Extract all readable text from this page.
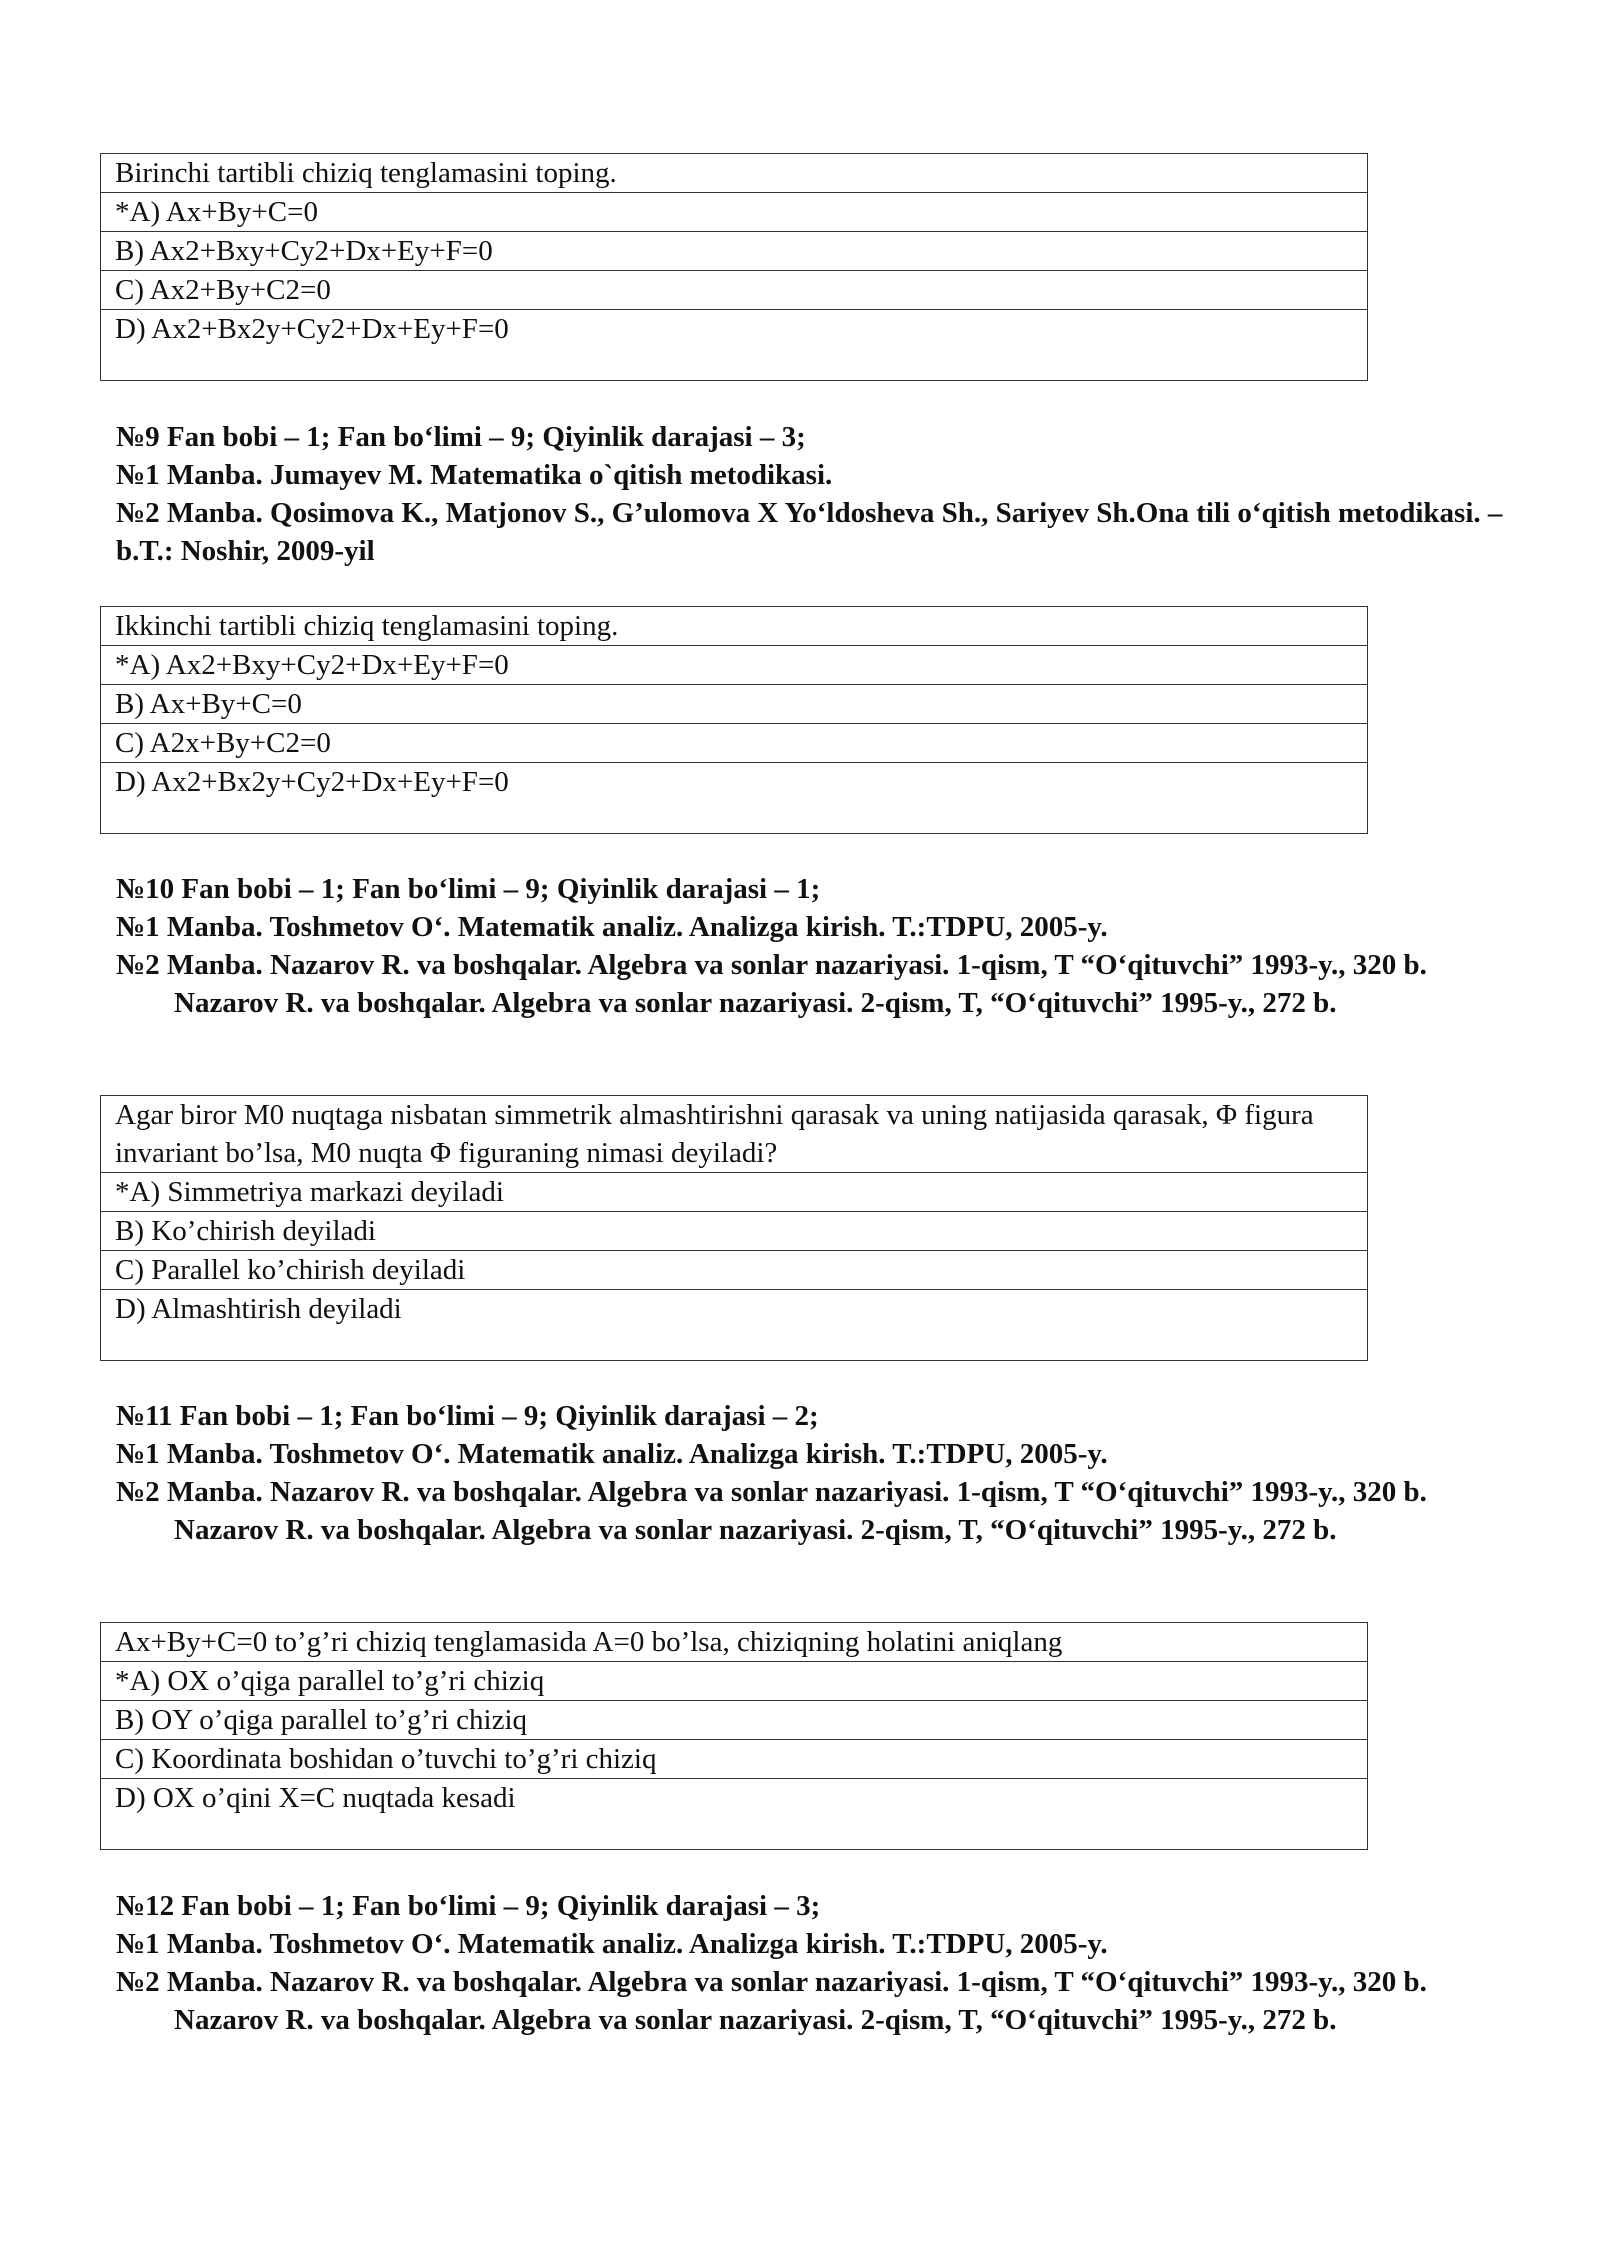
Birinchi tartibli chiziq tenglamasini toping.
*A) Ax+By+C=0
B) Ax2+Bxy+Cy2+Dx+Ey+F=0
C) Ax2+By+C2=0
D) Ax2+Bx2y+Cy2+Dx+Ey+F=0

№9 Fan bobi – 1; Fan bo‘limi – 9; Qiyinlik darajasi – 3;

№1 Manba. Jumayev M. Matematika o`qitish metodikasi.

№2 Manba. Qosimova K., Matjonov S., G’ulomova X Yo‘ldosheva Sh., Sariyev Sh.Ona tili o‘qitish metodikasi. –b.T.: Noshir, 2009-yil

Ikkinchi tartibli chiziq tenglamasini toping.
*A) Ax2+Bxy+Cy2+Dx+Ey+F=0
B) Ax+By+C=0
C) A2x+By+C2=0
D) Ax2+Bx2y+Cy2+Dx+Ey+F=0

№10 Fan bobi – 1; Fan bo‘limi – 9; Qiyinlik darajasi – 1;

№1 Manba. Toshmetov O‘. Matematik analiz. Analizga kirish. T.:TDPU, 2005-y.

№2 Manba. Nazarov R. va boshqalar. Algebra va sonlar nazariyasi. 1-qism, T “O‘qituvchi” 1993-y., 320 b. Nazarov R. va boshqalar. Algebra va sonlar nazariyasi. 2-qism, T, “O‘qituvchi” 1995-y., 272 b.

Agar biror M0 nuqtaga nisbatan simmetrik almashtirishni qarasak va uning natijasida qarasak, Φ figura invariant bo’lsa, M0 nuqta Φ figuraning nimasi deyiladi?
*A) Simmetriya markazi deyiladi
B) Ko’chirish deyiladi
C) Parallel ko’chirish deyiladi
D) Almashtirish deyiladi

№11 Fan bobi – 1; Fan bo‘limi – 9; Qiyinlik darajasi – 2;

№1 Manba. Toshmetov O‘. Matematik analiz. Analizga kirish. T.:TDPU, 2005-y.

№2 Manba. Nazarov R. va boshqalar. Algebra va sonlar nazariyasi. 1-qism, T “O‘qituvchi” 1993-y., 320 b. Nazarov R. va boshqalar. Algebra va sonlar nazariyasi. 2-qism, T, “O‘qituvchi” 1995-y., 272 b.

Ax+By+C=0 to’g’ri chiziq tenglamasida A=0 bo’lsa, chiziqning holatini aniqlang
*A) OX o’qiga parallel to’g’ri chiziq
B) OY o’qiga parallel to’g’ri chiziq
C) Koordinata boshidan o’tuvchi to’g’ri chiziq
D) OX o’qini X=C nuqtada kesadi

№12 Fan bobi – 1; Fan bo‘limi – 9; Qiyinlik darajasi – 3;

№1 Manba. Toshmetov O‘. Matematik analiz. Analizga kirish. T.:TDPU, 2005-y.

№2 Manba. Nazarov R. va boshqalar. Algebra va sonlar nazariyasi. 1-qism, T “O‘qituvchi” 1993-y., 320 b. Nazarov R. va boshqalar. Algebra va sonlar nazariyasi. 2-qism, T, “O‘qituvchi” 1995-y., 272 b.
